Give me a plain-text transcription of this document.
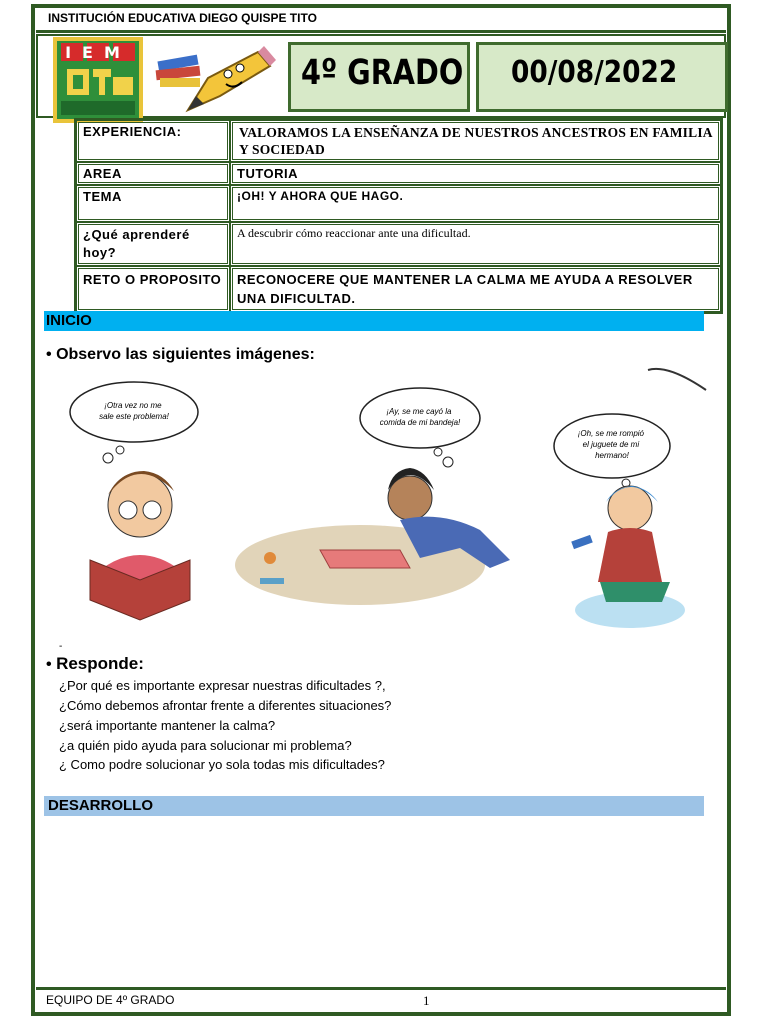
INSTITUCIÓN EDUCATIVA DIEGO QUISPE TITO
IEM
4º GRADO 00/08/2022
EXPERIENCIA:	VALORAMOS LA ENSEÑANZA DE NUESTROS ANCESTROS EN FAMILIA Y SOCIEDAD
AREA	TUTORIA
TEMA	¡OH! Y AHORA QUE HAGO.
¿Qué aprenderé hoy?	A descubrir cómo reaccionar ante una dificultad.
RETO O PROPOSITO	RECONOCERE QUE MANTENER LA CALMA ME AYUDA A RESOLVER UNA DIFICULTAD.
INICIO
• Observo las siguientes imágenes:
¡Otra vez no me sale este problema!
¡Ay, se me cayó la comida de mi bandeja!
¡Oh, se me rompió el juguete de mi hermano!
-
• Responde:
¿Por qué es importante expresar nuestras dificultades ?,
¿Cómo debemos afrontar frente a diferentes situaciones?
¿será importante mantener la calma?
¿a quién pido ayuda para solucionar mi problema?
¿ Como podre solucionar yo sola todas mis dificultades?
DESARROLLO
EQUIPO DE 4º GRADO	1
